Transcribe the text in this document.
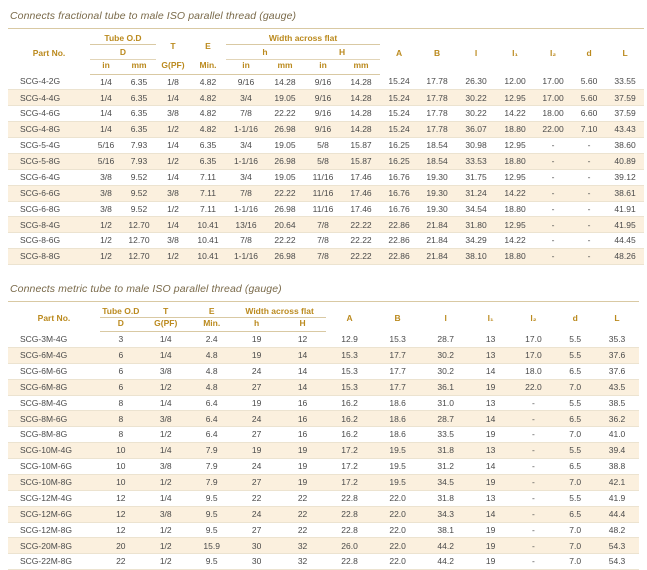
Connects fractional tube to male ISO parallel thread (gauge)
Part No.	Tube O.D		T	E	Width across flat				A	B	l	l₁	l₂	d	L
	D				h		H								
	in	mm	G(PF)	Min.	in	mm	in	mm							
SCG-4-2G	1/4	6.35	1/8	4.82	9/16	14.28	9/16	14.28	15.24	17.78	26.30	12.00	17.00	5.60	33.55
SCG-4-4G	1/4	6.35	1/4	4.82	3/4	19.05	9/16	14.28	15.24	17.78	30.22	12.95	17.00	5.60	37.59
SCG-4-6G	1/4	6.35	3/8	4.82	7/8	22.22	9/16	14.28	15.24	17.78	30.22	14.22	18.00	6.60	37.59
SCG-4-8G	1/4	6.35	1/2	4.82	1-1/16	26.98	9/16	14.28	15.24	17.78	36.07	18.80	22.00	7.10	43.43
SCG-5-4G	5/16	7.93	1/4	6.35	3/4	19.05	5/8	15.87	16.25	18.54	30.98	12.95	-	-	38.60
SCG-5-8G	5/16	7.93	1/2	6.35	1-1/16	26.98	5/8	15.87	16.25	18.54	33.53	18.80	-	-	40.89
SCG-6-4G	3/8	9.52	1/4	7.11	3/4	19.05	11/16	17.46	16.76	19.30	31.75	12.95	-	-	39.12
SCG-6-6G	3/8	9.52	3/8	7.11	7/8	22.22	11/16	17.46	16.76	19.30	31.24	14.22	-	-	38.61
SCG-6-8G	3/8	9.52	1/2	7.11	1-1/16	26.98	11/16	17.46	16.76	19.30	34.54	18.80	-	-	41.91
SCG-8-4G	1/2	12.70	1/4	10.41	13/16	20.64	7/8	22.22	22.86	21.84	31.80	12.95	-	-	41.95
SCG-8-6G	1/2	12.70	3/8	10.41	7/8	22.22	7/8	22.22	22.86	21.84	34.29	14.22	-	-	44.45
SCG-8-8G	1/2	12.70	1/2	10.41	1-1/16	26.98	7/8	22.22	22.86	21.84	38.10	18.80	-	-	48.26
Connects metric tube to male ISO parallel thread (gauge)
Part No.	Tube O.D	T	E	Width across flat		A	B	l	l₁	l₂	d	L
	D	G(PF)	Min.	h	H							
SCG-3M-4G	3	1/4	2.4	19	12	12.9	15.3	28.7	13	17.0	5.5	35.3
SCG-6M-4G	6	1/4	4.8	19	14	15.3	17.7	30.2	13	17.0	5.5	37.6
SCG-6M-6G	6	3/8	4.8	24	14	15.3	17.7	30.2	14	18.0	6.5	37.6
SCG-6M-8G	6	1/2	4.8	27	14	15.3	17.7	36.1	19	22.0	7.0	43.5
SCG-8M-4G	8	1/4	6.4	19	16	16.2	18.6	31.0	13	-	5.5	38.5
SCG-8M-6G	8	3/8	6.4	24	16	16.2	18.6	28.7	14	-	6.5	36.2
SCG-8M-8G	8	1/2	6.4	27	16	16.2	18.6	33.5	19	-	7.0	41.0
SCG-10M-4G	10	1/4	7.9	19	19	17.2	19.5	31.8	13	-	5.5	39.4
SCG-10M-6G	10	3/8	7.9	24	19	17.2	19.5	31.2	14	-	6.5	38.8
SCG-10M-8G	10	1/2	7.9	27	19	17.2	19.5	34.5	19	-	7.0	42.1
SCG-12M-4G	12	1/4	9.5	22	22	22.8	22.0	31.8	13	-	5.5	41.9
SCG-12M-6G	12	3/8	9.5	24	22	22.8	22.0	34.3	14	-	6.5	44.4
SCG-12M-8G	12	1/2	9.5	27	22	22.8	22.0	38.1	19	-	7.0	48.2
SCG-20M-8G	20	1/2	15.9	30	32	26.0	22.0	44.2	19	-	7.0	54.3
SCG-22M-8G	22	1/2	9.5	30	32	22.8	22.0	44.2	19	-	7.0	54.3
